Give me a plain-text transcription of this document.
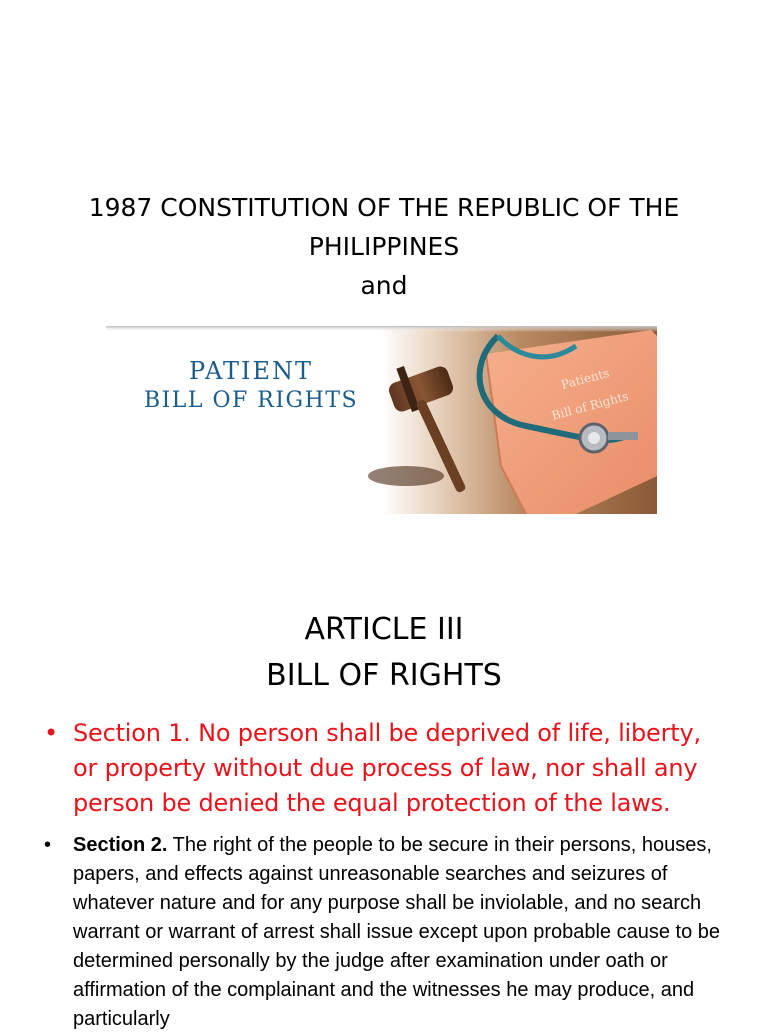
1987 CONSTITUTION OF THE REPUBLIC OF THE
PHILIPPINES
and
Patients
Bill of Rights
PATIENT
BILL OF RIGHTS
ARTICLE III
BILL OF RIGHTS
• Section 1. No person shall be deprived of life, liberty, or property without due process of law, nor shall any person be denied the equal protection of the laws.
• Section 2. The right of the people to be secure in their persons, houses, papers, and effects against unreasonable searches and seizures of whatever nature and for any purpose shall be inviolable, and no search warrant or warrant of arrest shall issue except upon probable cause to be determined personally by the judge after examination under oath or affirmation of the complainant and the witnesses he may produce, and particularly
